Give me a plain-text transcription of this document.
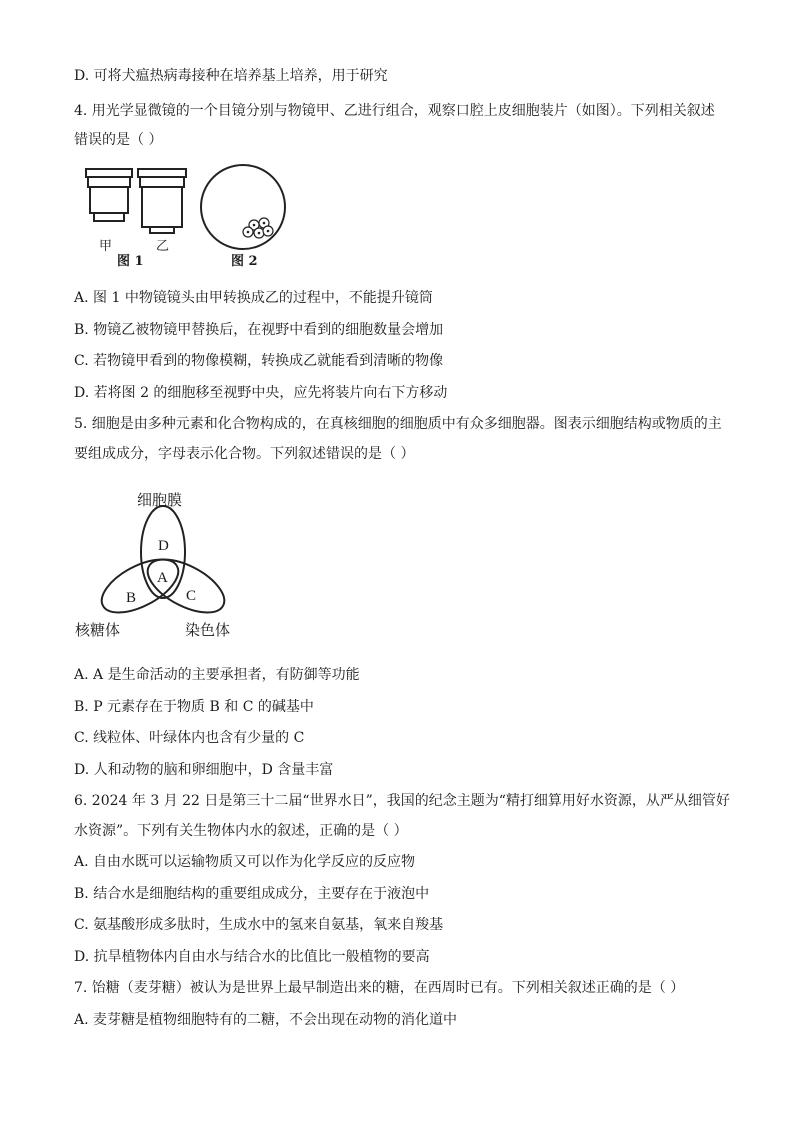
D. 可将犬瘟热病毒接种在培养基上培养，用于研究
4. 用光学显微镜的一个目镜分别与物镜甲、乙进行组合，观察口腔上皮细胞装片（如图）。下列相关叙述
错误的是（ ）
甲	乙
图 1	图 2
A. 图 1 中物镜镜头由甲转换成乙的过程中，不能提升镜筒
B. 物镜乙被物镜甲替换后，在视野中看到的细胞数量会增加
C. 若物镜甲看到的物像模糊，转换成乙就能看到清晰的物像
D. 若将图 2 的细胞移至视野中央，应先将装片向右下方移动
5. 细胞是由多种元素和化合物构成的，在真核细胞的细胞质中有众多细胞器。图表示细胞结构或物质的主
要组成成分，字母表示化合物。下列叙述错误的是（ ）
细胞膜
核糖体	染色体
D
A
B	C
A. A 是生命活动的主要承担者，有防御等功能
B. P 元素存在于物质 B 和 C 的碱基中
C. 线粒体、叶绿体内也含有少量的 C
D. 人和动物的脑和卵细胞中，D 含量丰富
6. 2024 年 3 月 22 日是第三十二届“世界水日”，我国的纪念主题为“精打细算用好水资源，从严从细管好
水资源”。下列有关生物体内水的叙述，正确的是（ ）
A. 自由水既可以运输物质又可以作为化学反应的反应物
B. 结合水是细胞结构的重要组成成分，主要存在于液泡中
C. 氨基酸形成多肽时，生成水中的氢来自氨基，氧来自羧基
D. 抗旱植物体内自由水与结合水的比值比一般植物的要高
7. 饴糖（麦芽糖）被认为是世界上最早制造出来的糖，在西周时已有。下列相关叙述正确的是（ ）
A. 麦芽糖是植物细胞特有的二糖，不会出现在动物的消化道中
